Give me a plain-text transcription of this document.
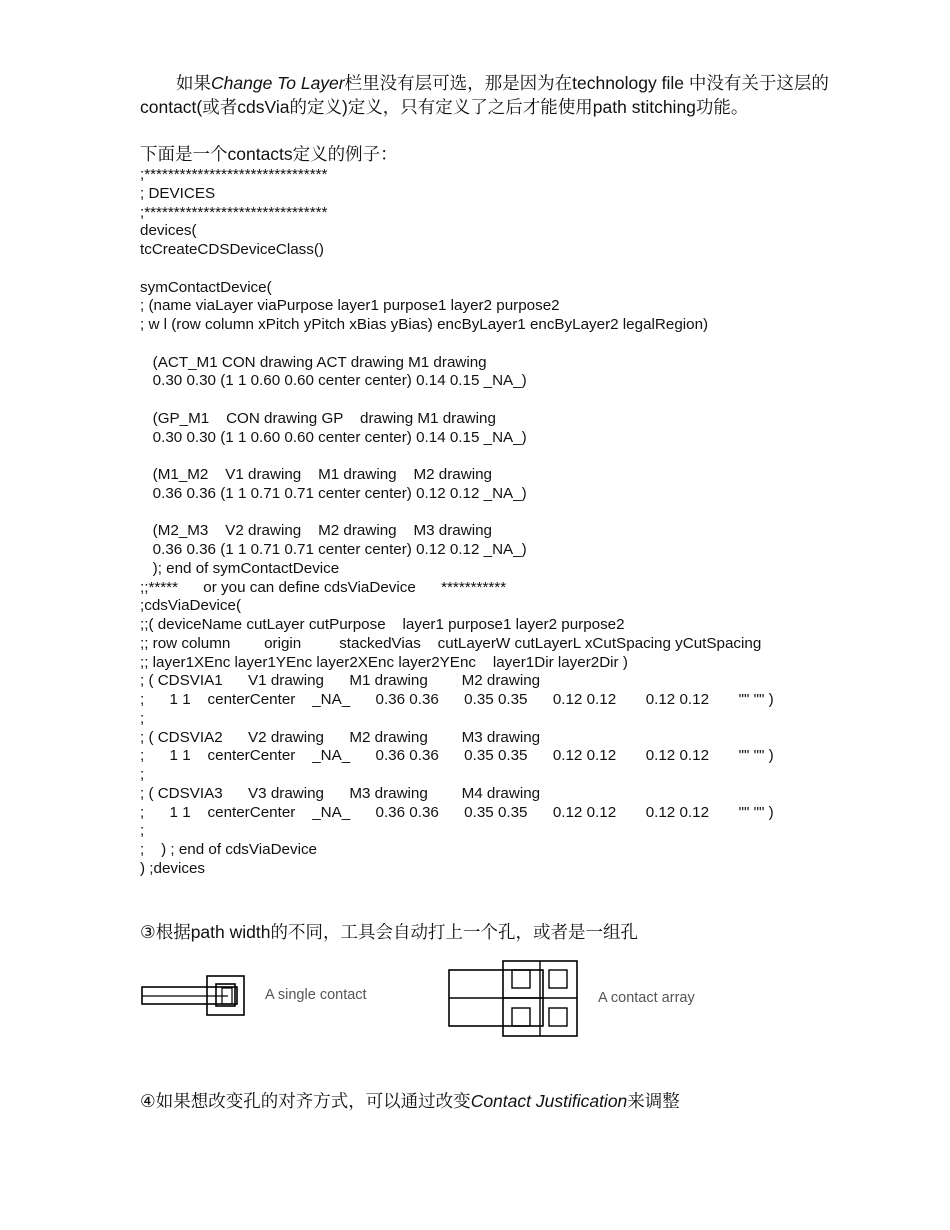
如果Change To Layer栏里没有层可选，那是因为在technology file 中没有关于这层的contact(或者cdsVia的定义)定义，只有定义了之后才能使用path stitching功能。
下面是一个contacts定义的例子：
;*******************************
; DEVICES
;*******************************
devices(
tcCreateCDSDeviceClass()
symContactDevice(
; (name viaLayer viaPurpose layer1 purpose1 layer2 purpose2
; w l (row column xPitch yPitch xBias yBias) encByLayer1 encByLayer2 legalRegion)
(ACT_M1 CON drawing ACT drawing M1 drawing
0.30 0.30 (1 1 0.60 0.60 center center) 0.14 0.15 _NA_)
(GP_M1    CON drawing GP    drawing M1 drawing
0.30 0.30 (1 1 0.60 0.60 center center) 0.14 0.15 _NA_)
(M1_M2    V1 drawing    M1 drawing    M2 drawing
0.36 0.36 (1 1 0.71 0.71 center center) 0.12 0.12 _NA_)
(M2_M3    V2 drawing    M2 drawing    M3 drawing
0.36 0.36 (1 1 0.71 0.71 center center) 0.12 0.12 _NA_)
); end of symContactDevice
;;*****      or you can define cdsViaDevice      ***********
;cdsViaDevice(
;;( deviceName cutLayer cutPurpose    layer1 purpose1 layer2 purpose2
;; row column        origin         stackedVias    cutLayerW cutLayerL xCutSpacing yCutSpacing
;; layer1XEnc layer1YEnc layer2XEnc layer2YEnc    layer1Dir layer2Dir )
; ( CDSVIA1      V1 drawing      M1 drawing        M2 drawing
;      1 1    centerCenter    _NA_      0.36 0.36      0.35 0.35      0.12 0.12       0.12 0.12       "" "" )
;
; ( CDSVIA2      V2 drawing      M2 drawing        M3 drawing
;      1 1    centerCenter    _NA_      0.36 0.36      0.35 0.35      0.12 0.12       0.12 0.12       "" "" )
;
; ( CDSVIA3      V3 drawing      M3 drawing        M4 drawing
;      1 1    centerCenter    _NA_      0.36 0.36      0.35 0.35      0.12 0.12       0.12 0.12       "" "" )
;
;    ) ; end of cdsViaDevice
) ;devices
③根据path width的不同，工具会自动打上一个孔，或者是一组孔
A single contact	A contact array
④如果想改变孔的对齐方式，可以通过改变Contact Justification来调整
